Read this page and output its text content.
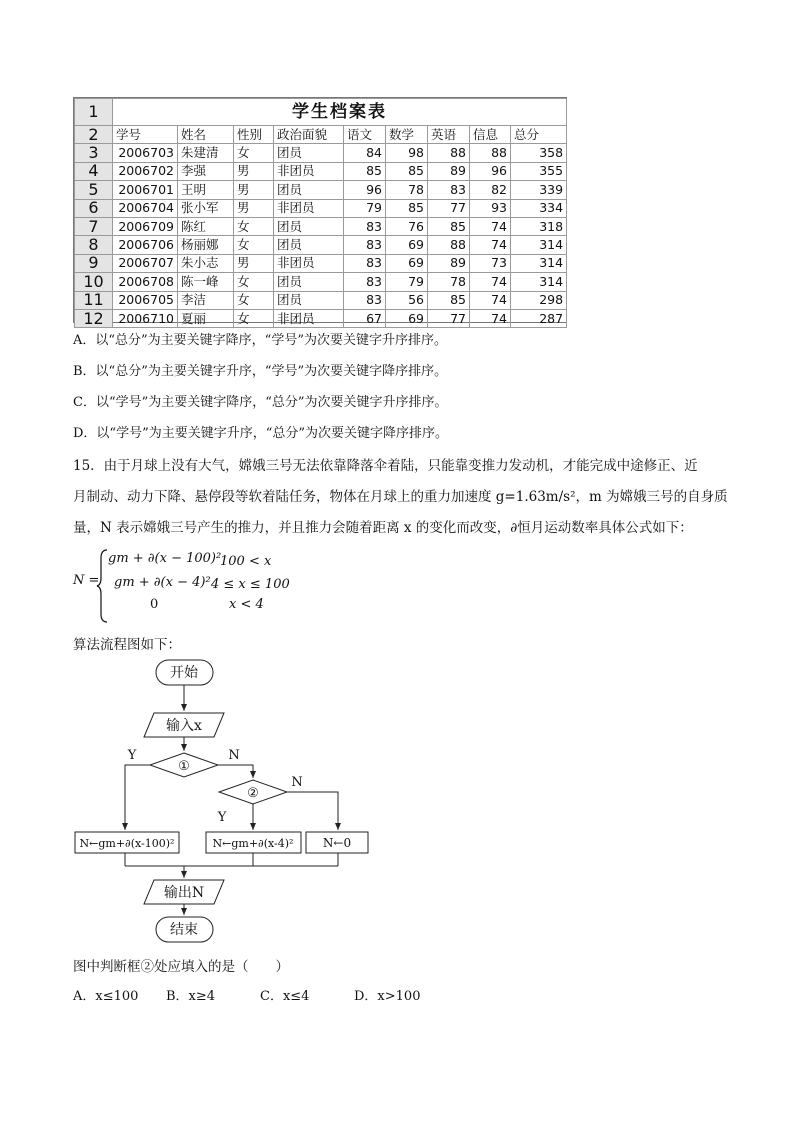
1	学生档案表								
2	学号	姓名	性别	政治面貌	语文	数学	英语	信息	总分
3	2006703	朱建清	女	团员	84	98	88	88	358
4	2006702	李强	男	非团员	85	85	89	96	355
5	2006701	王明	男	团员	96	78	83	82	339
6	2006704	张小军	男	非团员	79	85	77	93	334
7	2006709	陈红	女	团员	83	76	85	74	318
8	2006706	杨丽娜	女	团员	83	69	88	74	314
9	2006707	朱小志	男	非团员	83	69	89	73	314
10	2006708	陈一峰	女	团员	83	79	78	74	314
11	2006705	李洁	女	团员	83	56	85	74	298
12	2006710	夏丽	女	非团员	67	69	77	74	287
A．以“总分”为主要关键字降序，“学号”为次要关键字升序排序。
B．以“总分”为主要关键字升序，“学号”为次要关键字降序排序。
C．以“学号”为主要关键字降序，“总分”为次要关键字升序排序。
D．以“学号”为主要关键字升序，“总分”为次要关键字降序排序。
15．由于月球上没有大气，嫦娥三号无法依靠降落伞着陆，只能靠变推力发动机，才能完成中途修正、近
月制动、动力下降、悬停段等软着陆任务，物体在月球上的重力加速度 g=1.63m/s²，m 为嫦娥三号的自身质
量，N 表示嫦娥三号产生的推力，并且推力会随着距离 x 的变化而改变，∂恒月运动数率具体公式如下：
N =
gm + ∂(x − 100)²
100 < x
gm + ∂(x − 4)² 4 ≤ x ≤ 100
0	x < 4
算法流程图如下：
开始
输入x
①
Y	N
②
Y
N
N←gm+∂(x-100)²	N←gm+∂(x-4)² N←0
输出N
结束
图中判断框②处应填入的是（　　）
A．x≤100 B．x≥4	C．x≤4	D．x>100
